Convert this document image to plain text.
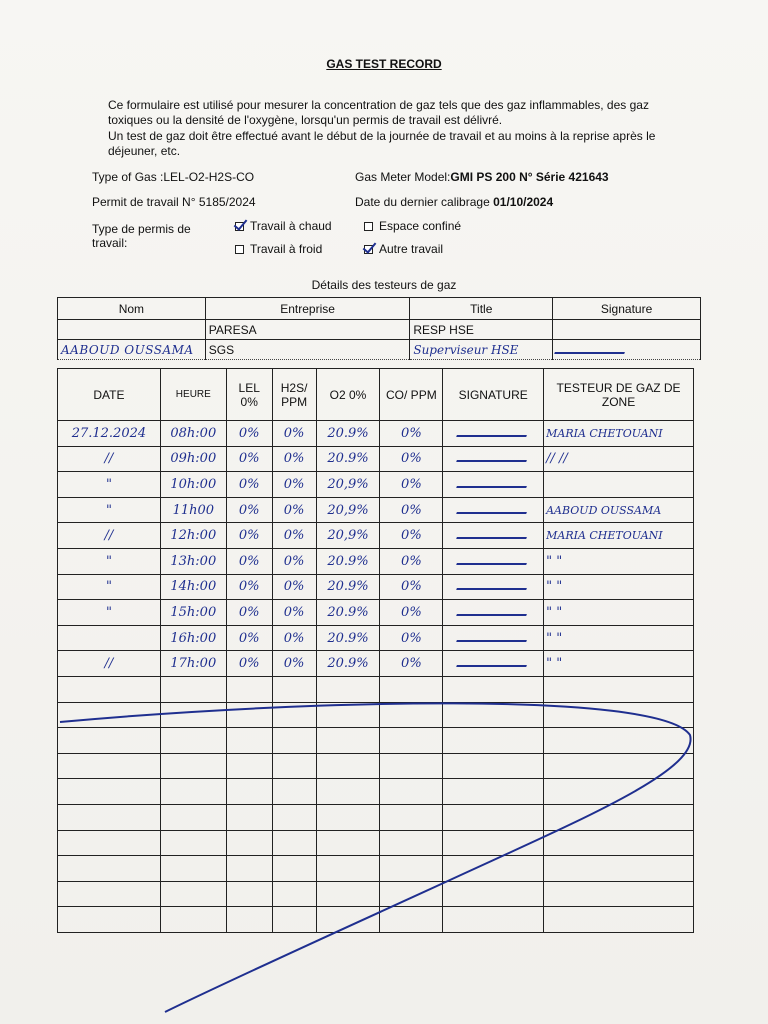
GAS TEST RECORD

Ce formulaire est utilisé pour mesurer la concentration de gaz tels que des gaz inflammables, des gaz toxiques ou la densité de l'oxygène, lorsqu'un permis de travail est délivré.

Un test de gaz doit être effectué avant le début de la journée de travail et au moins à la reprise après le déjeuner, etc.

Type of Gas :LEL-O2-H2S-CO	Gas Meter Model:GMI PS 200 N° Série 421643
Permit de travail N° 5185/2024	Date du dernier calibrage 01/10/2024
Type de permis de
travail:
Travail à chaud	Espace confiné
Travail à froid	Autre travail
Détails des testeurs de gaz
Nom	Entreprise	Title	Signature
	PARESA	RESP HSE	
AABOUD OUSSAMA	SGS	Superviseur HSE	
DATE	HEURE	LEL 0%	H2S/ PPM	O2 0%	CO/ PPM	SIGNATURE	TESTEUR DE GAZ DE ZONE
27.12.2024	08h:00	0%	0%	20.9%	0%		MARIA CHETOUANI
//	09h:00	0%	0%	20.9%	0%		// //
"	10h:00	0%	0%	20,9%	0%		
"	11h00	0%	0%	20,9%	0%		AABOUD OUSSAMA
//	12h:00	0%	0%	20,9%	0%		MARIA CHETOUANI
"	13h:00	0%	0%	20.9%	0%		" "
"	14h:00	0%	0%	20.9%	0%		" "
"	15h:00	0%	0%	20.9%	0%		" "
	16h:00	0%	0%	20.9%	0%		" "
//	17h:00	0%	0%	20.9%	0%		" "
